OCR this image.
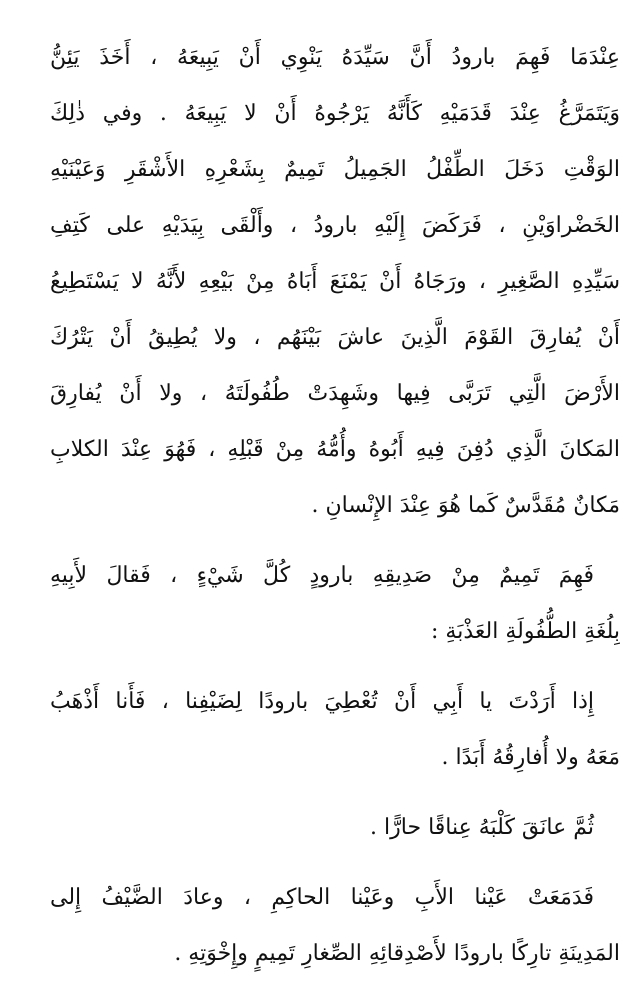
عِنْدَمَا فَهِمَ بارودُ أَنَّ سَيِّدَهُ يَنْوِي أَنْ يَبِيعَهُ ، أَخَذَ يَئِنُّ
وَيَتَمَرَّغُ عِنْدَ قَدَمَيْهِ كَأَنَّهُ يَرْجُوهُ أَنْ لا يَبِيعَهُ . وفي ذٰلِكَ
الوَقْتِ دَخَلَ الطِّفْلُ الجَمِيلُ تَمِيمٌ بِشَعْرِهِ الأَشْقَرِ وَعَيْنَيْهِ
الخَضْراوَيْنِ ، فَرَكَضَ إِلَيْهِ بارودُ ، وأَلْقَى بِيَدَيْهِ على كَتِفِ
سَيِّدِهِ الصَّغِيرِ ، ورَجَاهُ أَنْ يَمْنَعَ أَبَاهُ مِنْ بَيْعِهِ لأَنَّهُ لا يَسْتَطِيعُ
أَنْ يُفارِقَ القَوْمَ الَّذِينَ عاشَ بَيْنَهُم ، ولا يُطِيقُ أَنْ يَتْرُكَ
الأَرْضَ الَّتِي تَرَبَّى فِيها وشَهِدَتْ طُفُولَتَهُ ، ولا أَنْ يُفارِقَ
المَكانَ الَّذِي دُفِنَ فِيهِ أَبُوهُ وأُمُّهُ مِنْ قَبْلِهِ ، فَهُوَ عِنْدَ الكلابِ
مَكانٌ مُقَدَّسٌ كَما هُوَ عِنْدَ الإِنْسانِ .
فَهِمَ تَمِيمٌ مِنْ صَدِيقِهِ بارودٍ كُلَّ شَيْءٍ ، فَقالَ لأَبِيهِ
بِلُغَةِ الطُّفُولَةِ العَذْبَةِ :
إِذا أَرَدْتَ يا أَبِي أَنْ تُعْطِيَ بارودًا لِضَيْفِنا ، فَأَنا أَذْهَبُ
مَعَهُ ولا أُفارِقُهُ أَبَدًا .
ثُمَّ عانَقَ كَلْبَهُ عِناقًا حارًّا .
فَدَمَعَتْ عَيْنا الأَبِ وعَيْنا الحاكِمِ ، وعادَ الضَّيْفُ إِلى
المَدِينَةِ تارِكًا بارودًا لأَصْدِقائِهِ الصِّغارِ تَمِيمٍ وإِخْوَتِهِ .
